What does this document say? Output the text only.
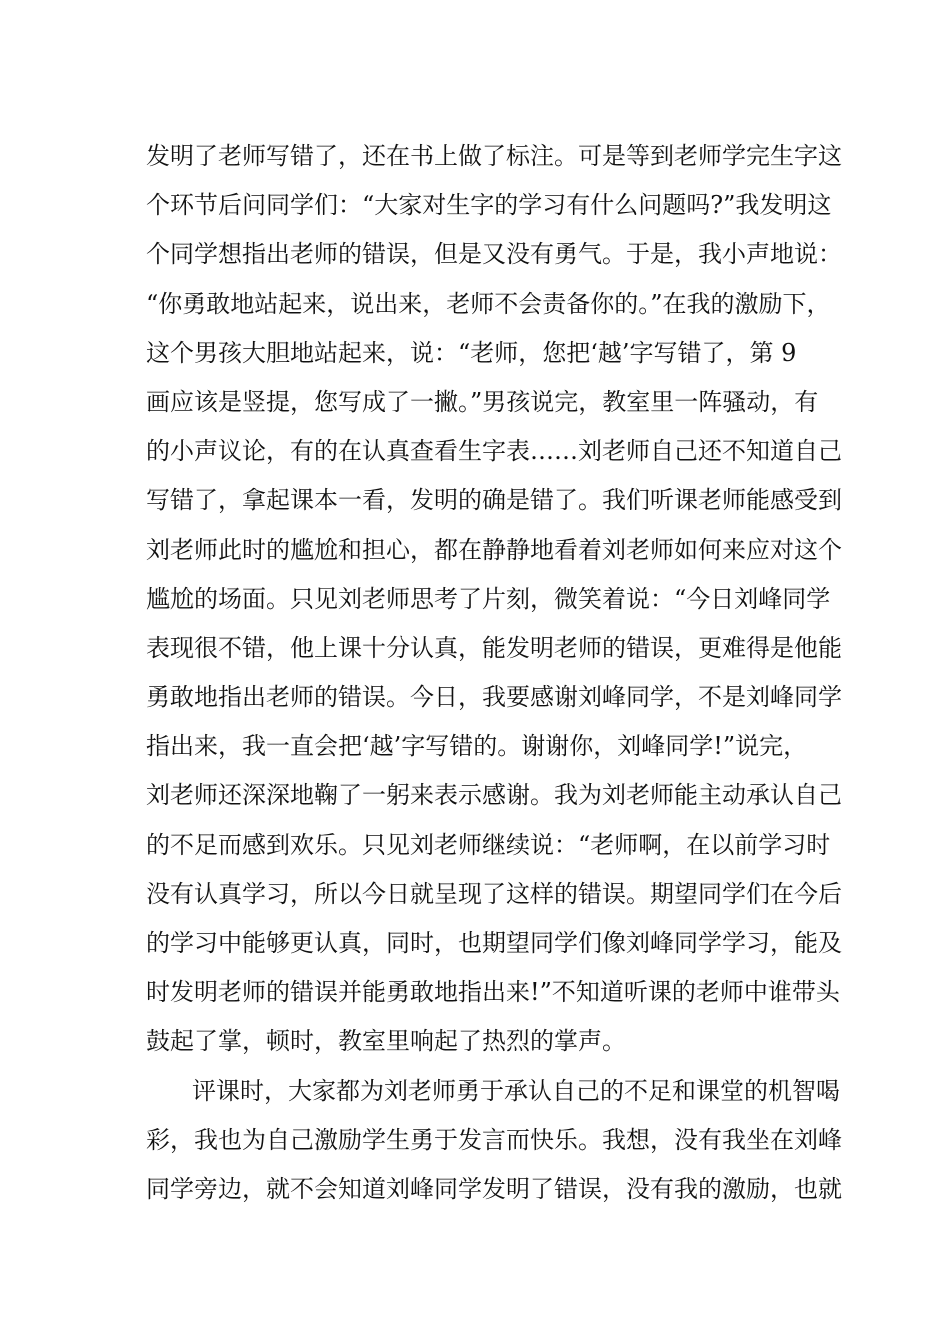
发明了老师写错了，还在书上做了标注。可是等到老师学完生字这
个环节后问同学们：“大家对生字的学习有什么问题吗?”我发明这
个同学想指出老师的错误，但是又没有勇气。于是，我小声地说：
“你勇敢地站起来，说出来，老师不会责备你的。”在我的激励下，
这个男孩大胆地站起来，说：“老师，您把‘越’字写错了，第 9
画应该是竖提，您写成了一撇。”男孩说完，教室里一阵骚动，有
的小声议论，有的在认真查看生字表……刘老师自己还不知道自己
写错了，拿起课本一看，发明的确是错了。我们听课老师能感受到
刘老师此时的尴尬和担心，都在静静地看着刘老师如何来应对这个
尴尬的场面。只见刘老师思考了片刻，微笑着说：“今日刘峰同学
表现很不错，他上课十分认真，能发明老师的错误，更难得是他能
勇敢地指出老师的错误。今日，我要感谢刘峰同学，不是刘峰同学
指出来，我一直会把‘越’字写错的。谢谢你，刘峰同学!”说完，
刘老师还深深地鞠了一躬来表示感谢。我为刘老师能主动承认自己
的不足而感到欢乐。只见刘老师继续说：“老师啊，在以前学习时
没有认真学习，所以今日就呈现了这样的错误。期望同学们在今后
的学习中能够更认真，同时，也期望同学们像刘峰同学学习，能及
时发明老师的错误并能勇敢地指出来!”不知道听课的老师中谁带头
鼓起了掌，顿时，教室里响起了热烈的掌声。
评课时，大家都为刘老师勇于承认自己的不足和课堂的机智喝
彩，我也为自己激励学生勇于发言而快乐。我想，没有我坐在刘峰
同学旁边，就不会知道刘峰同学发明了错误，没有我的激励，也就
